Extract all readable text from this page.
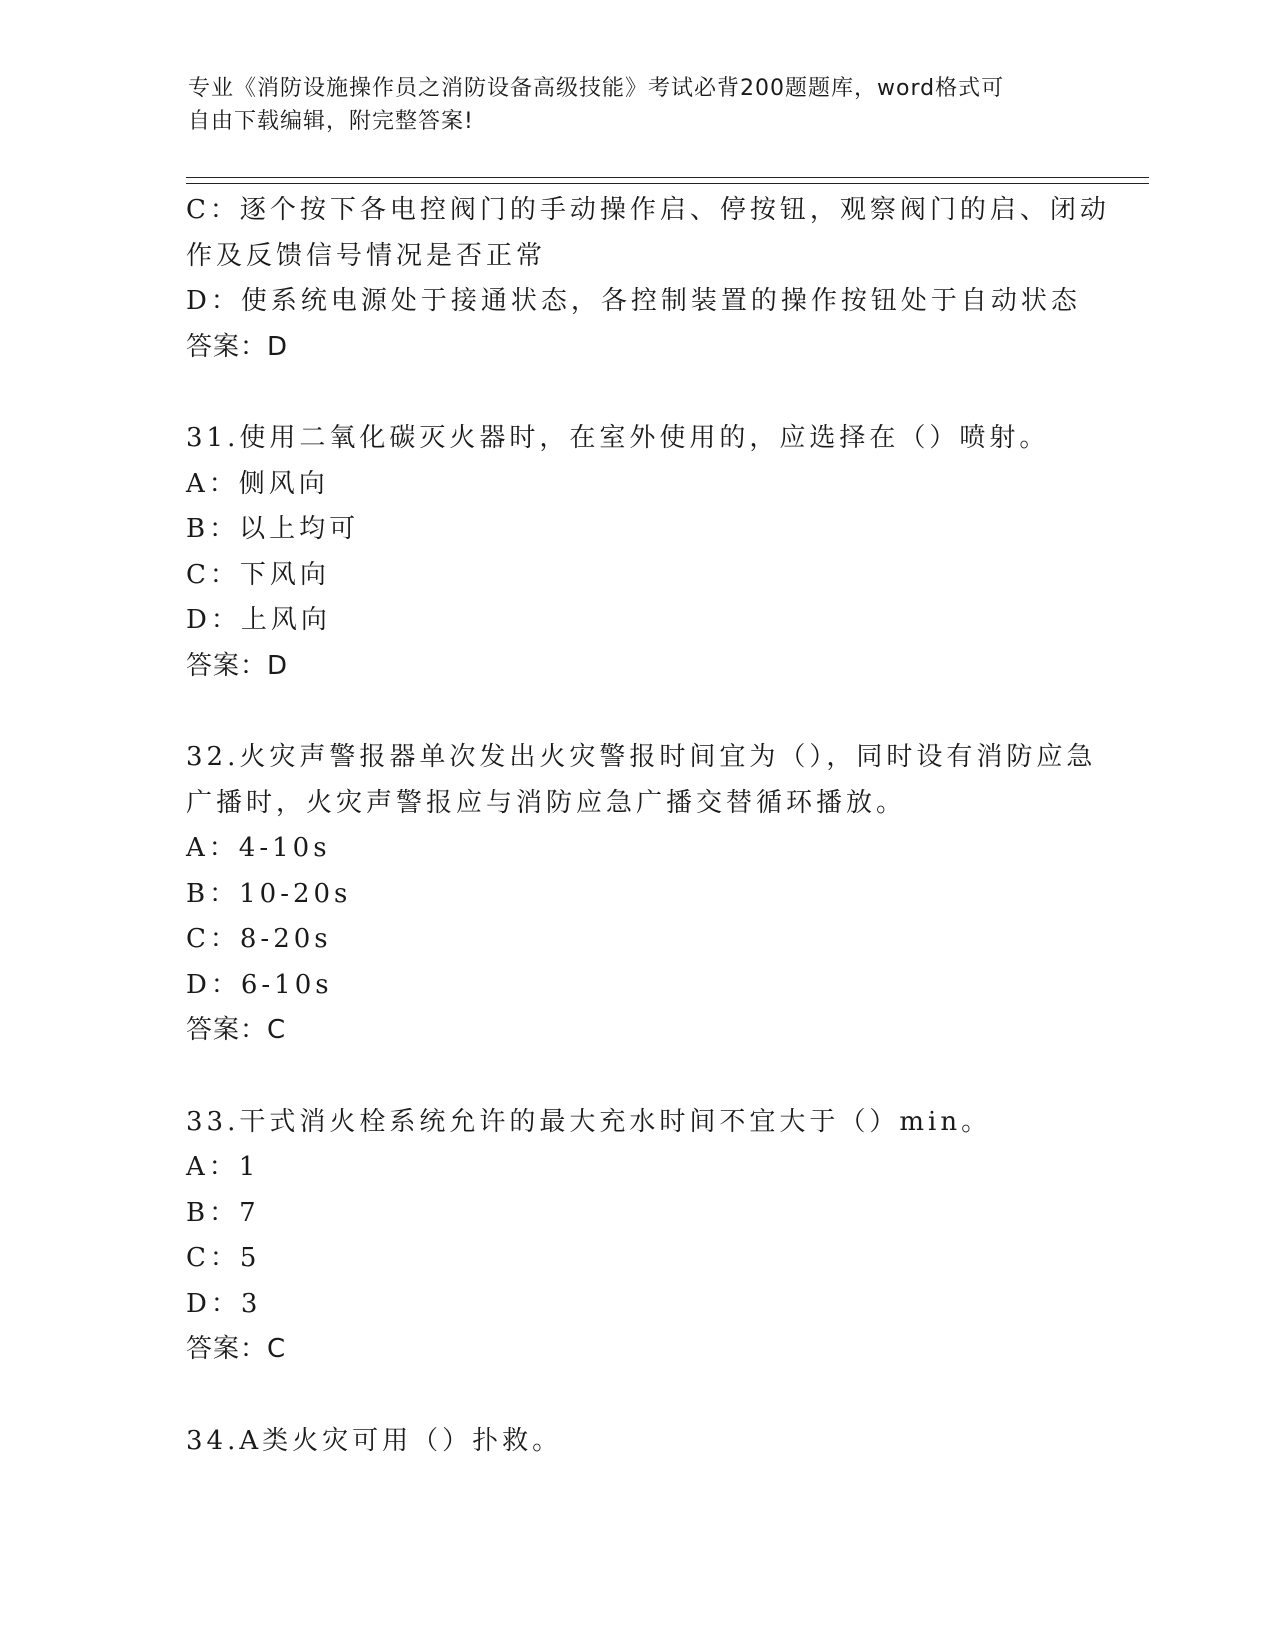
专业《消防设施操作员之消防设备高级技能》考试必背200题题库，word格式可
自由下载编辑，附完整答案!
C：逐个按下各电控阀门的手动操作启、停按钮，观察阀门的启、闭动
作及反馈信号情况是否正常
D：使系统电源处于接通状态，各控制装置的操作按钮处于自动状态
答案：D
31.使用二氧化碳灭火器时，在室外使用的，应选择在（）喷射。
A：侧风向
B：以上均可
C：下风向
D：上风向
答案：D
32.火灾声警报器单次发出火灾警报时间宜为（），同时设有消防应急
广播时，火灾声警报应与消防应急广播交替循环播放。
A：4-10s
B：10-20s
C：8-20s
D：6-10s
答案：C
33.干式消火栓系统允许的最大充水时间不宜大于（）min。
A：1
B：7
C：5
D：3
答案：C
34.A类火灾可用（）扑救。
